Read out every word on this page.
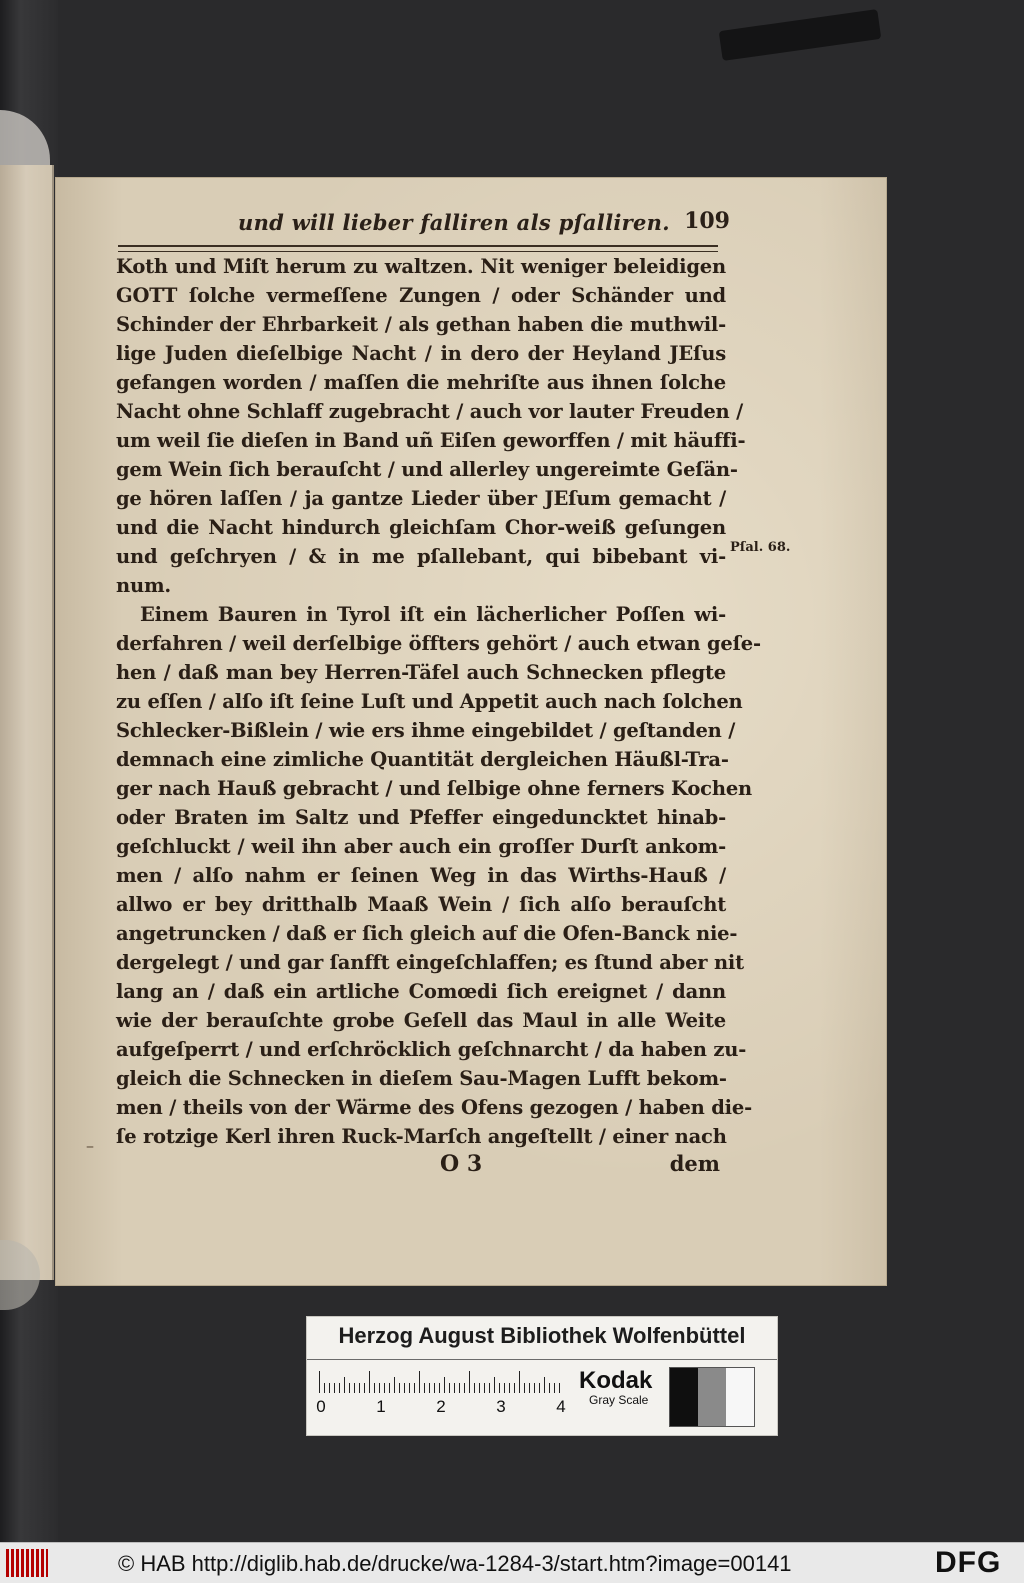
und will lieber falliren als pſalliren. 109
Koth und Miſt herum zu waltzen. Nit weniger beleidigen
GOTT ſolche vermeſſene Zungen / oder Schänder und
Schinder der Ehrbarkeit / als gethan haben die muthwil-
lige Juden dieſelbige Nacht / in dero der Heyland JEſus
gefangen worden / maſſen die mehriſte aus ihnen ſolche
Nacht ohne Schlaff zugebracht / auch vor lauter Freuden /
um weil ſie dieſen in Band uñ Eiſen geworffen / mit häuffi-
gem Wein ſich berauſcht / und allerley ungereimte Geſän-
ge hören laſſen / ja gantze Lieder über JEſum gemacht /
und die Nacht hindurch gleichſam Chor-weiß geſungen
und geſchryen / & in me pſallebant, qui bibebant vi-
num.
Einem Bauren in Tyrol iſt ein lächerlicher Poſſen wi-
derfahren / weil derſelbige öffters gehört / auch etwan geſe-
hen / daß man bey Herren-Täfel auch Schnecken pflegte
zu eſſen / alſo iſt ſeine Luſt und Appetit auch nach ſolchen
Schlecker-Bißlein / wie ers ihme eingebildet / geſtanden /
demnach eine zimliche Quantität dergleichen Häußl-Tra-
ger nach Hauß gebracht / und ſelbige ohne ferners Kochen
oder Braten im Saltz und Pfeffer eingeduncktet hinab-
geſchluckt / weil ihn aber auch ein groſſer Durſt ankom-
men / alſo nahm er ſeinen Weg in das Wirths-Hauß /
allwo er bey dritthalb Maaß Wein / ſich alſo berauſcht
angetruncken / daß er ſich gleich auf die Ofen-Banck nie-
dergelegt / und gar ſanfft eingeſchlaffen; es ſtund aber nit
lang an / daß ein artliche Comœdi ſich ereignet / dann
wie der berauſchte grobe Geſell das Maul in alle Weite
aufgeſperrt / und erſchröcklich geſchnarcht / da haben zu-
gleich die Schnecken in dieſem Sau-Magen Lufft bekom-
men / theils von der Wärme des Ofens gezogen / haben die-
ſe rotzige Kerl ihren Ruck-Marſch angeſtellt / einer nach
Pſal. 68.
–
O 3	dem
Herzog August Bibliothek Wolfenbüttel
0	1	2	3	4
Kodak
Gray Scale
© HAB http://diglib.hab.de/drucke/wa-1284-3/start.htm?image=00141	DFG
